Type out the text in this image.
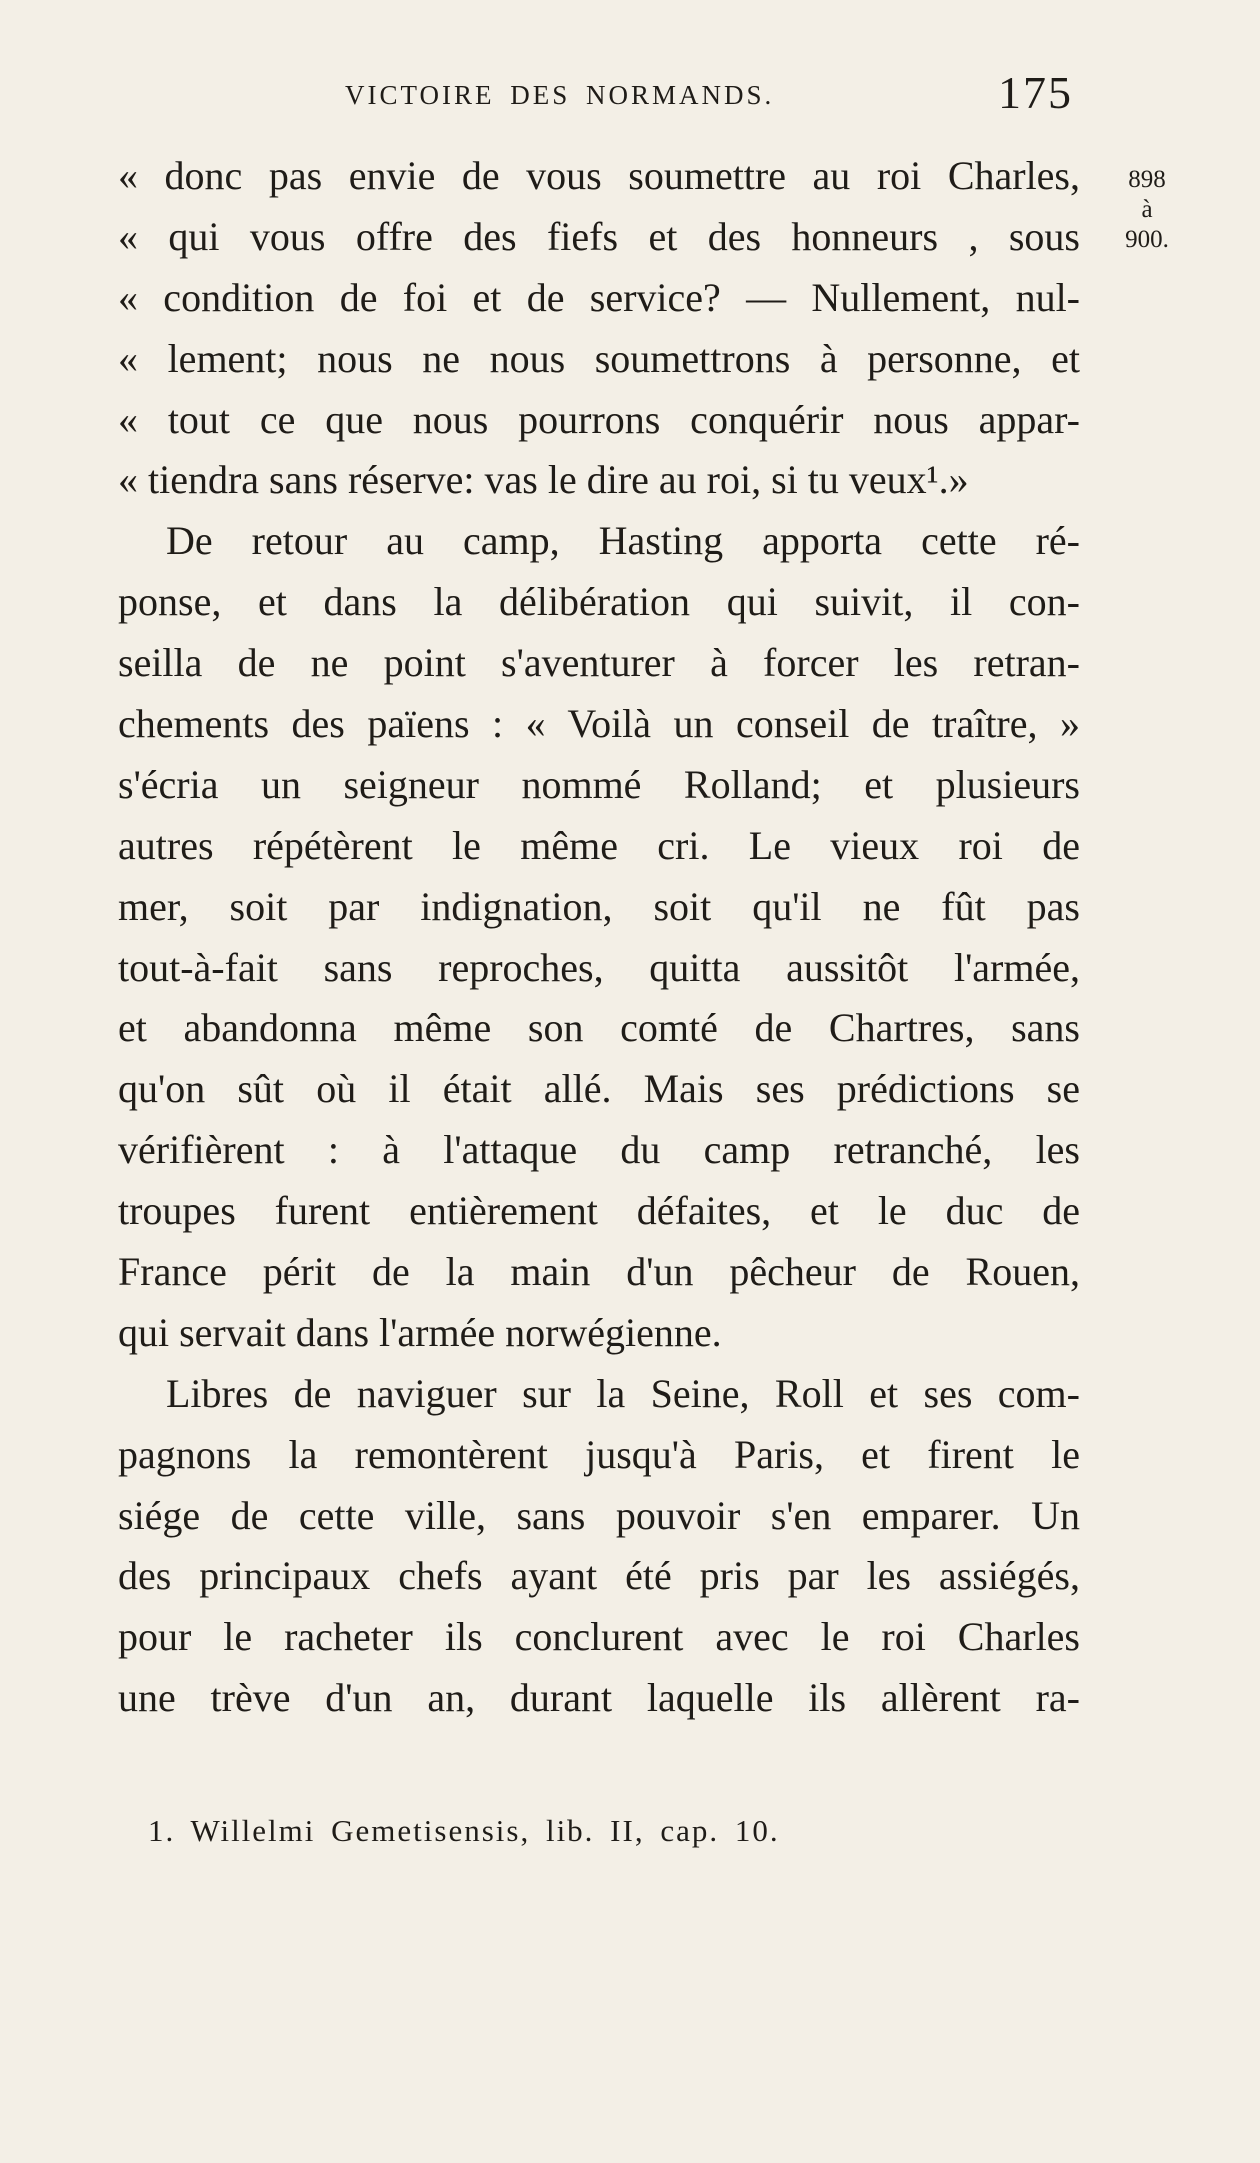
VICTOIRE DES NORMANDS.	175
898
à
900.
« donc pas envie de vous soumettre au roi Charles,
« qui vous offre des fiefs et des honneurs , sous
« condition de foi et de service? — Nullement, nul-
« lement; nous ne nous soumettrons à personne, et
« tout ce que nous pourrons conquérir nous appar-
« tiendra sans réserve: vas le dire au roi, si tu veux¹.»
De retour au camp, Hasting apporta cette ré-
ponse, et dans la délibération qui suivit, il con-
seilla de ne point s'aventurer à forcer les retran-
chements des païens : « Voilà un conseil de traître, »
s'écria un seigneur nommé Rolland; et plusieurs
autres répétèrent le même cri. Le vieux roi de
mer, soit par indignation, soit qu'il ne fût pas
tout-à-fait sans reproches, quitta aussitôt l'armée,
et abandonna même son comté de Chartres, sans
qu'on sût où il était allé. Mais ses prédictions se
vérifièrent : à l'attaque du camp retranché, les
troupes furent entièrement défaites, et le duc de
France périt de la main d'un pêcheur de Rouen,
qui servait dans l'armée norwégienne.
Libres de naviguer sur la Seine, Roll et ses com-
pagnons la remontèrent jusqu'à Paris, et firent le
siége de cette ville, sans pouvoir s'en emparer. Un
des principaux chefs ayant été pris par les assiégés,
pour le racheter ils conclurent avec le roi Charles
une trève d'un an, durant laquelle ils allèrent ra-
1. Willelmi Gemetisensis, lib. II, cap. 10.
